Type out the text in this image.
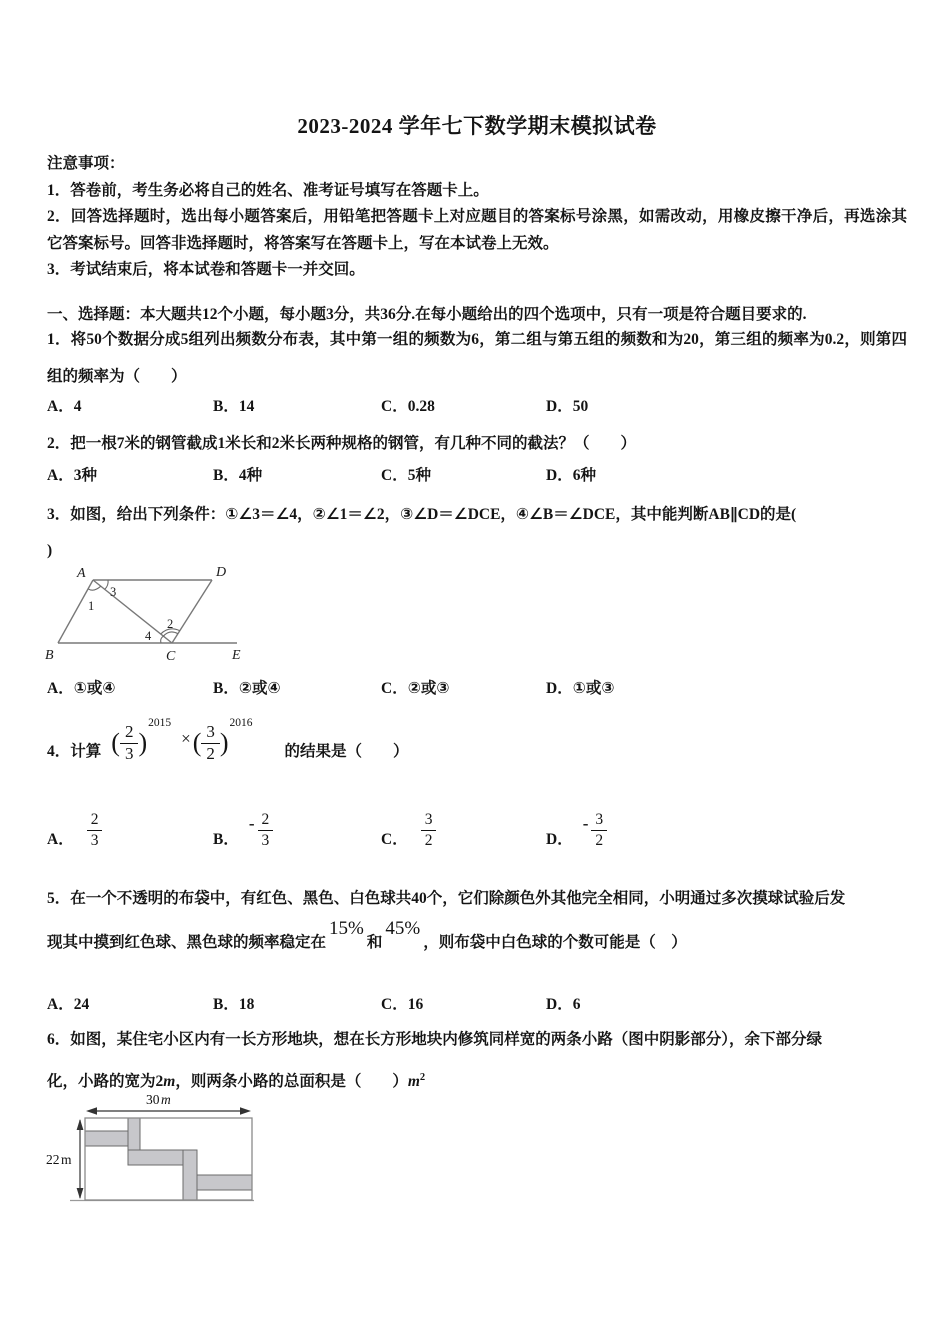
2023-2024 学年七下数学期末模拟试卷

注意事项：

1．答卷前，考生务必将自己的姓名、准考证号填写在答题卡上。

2．回答选择题时，选出每小题答案后，用铅笔把答题卡上对应题目的答案标号涂黑，如需改动，用橡皮擦干净后，再选涂其它答案标号。回答非选择题时，将答案写在答题卡上，写在本试卷上无效。

3．考试结束后，将本试卷和答题卡一并交回。

一、选择题：本大题共12个小题，每小题3分，共36分.在每小题给出的四个选项中，只有一项是符合题目要求的.

1．将50个数据分成5组列出频数分布表，其中第一组的频数为6，第二组与第五组的频数和为20，第三组的频率为0.2，则第四组的频率为（　　）

A．4	B．14	C．0.28	D．50

2．把一根7米的钢管截成1米长和2米长两种规格的钢管，有几种不同的截法？（　　）

A．3种	B．4种	C．5种	D．6种

3．如图，给出下列条件：①∠3＝∠4，②∠1＝∠2，③∠D＝∠DCE，④∠B＝∠DCE，其中能判断AB∥CD的是(

)

A	D
B	C	E
1
3
4
2
A．①或④	B．②或④	C．②或③	D．①或③
4．计算 ( $\frac{2}{3}$ )
2015
× ( $\frac{3}{2}$ )
2016
的结果是（　　）
A． $\frac{2}{3}$	B．
- $\frac{2}{3}$	C． $\frac{3}{2}$	D．
- $\frac{3}{2}$

5．在一个不透明的布袋中，有红色、黑色、白色球共40个，它们除颜色外其他完全相同，小明通过多次摸球试验后发

现其中摸到红色球、黑色球的频率稳定在15%和45%，则布袋中白色球的个数可能是（　）

A．24	B．18	C．16	D．6

6．如图，某住宅小区内有一长方形地块，想在长方形地块内修筑同样宽的两条小路（图中阴影部分），余下部分绿

化，小路的宽为2m，则两条小路的总面积是（　　）$m^2$

30 m
22 m
